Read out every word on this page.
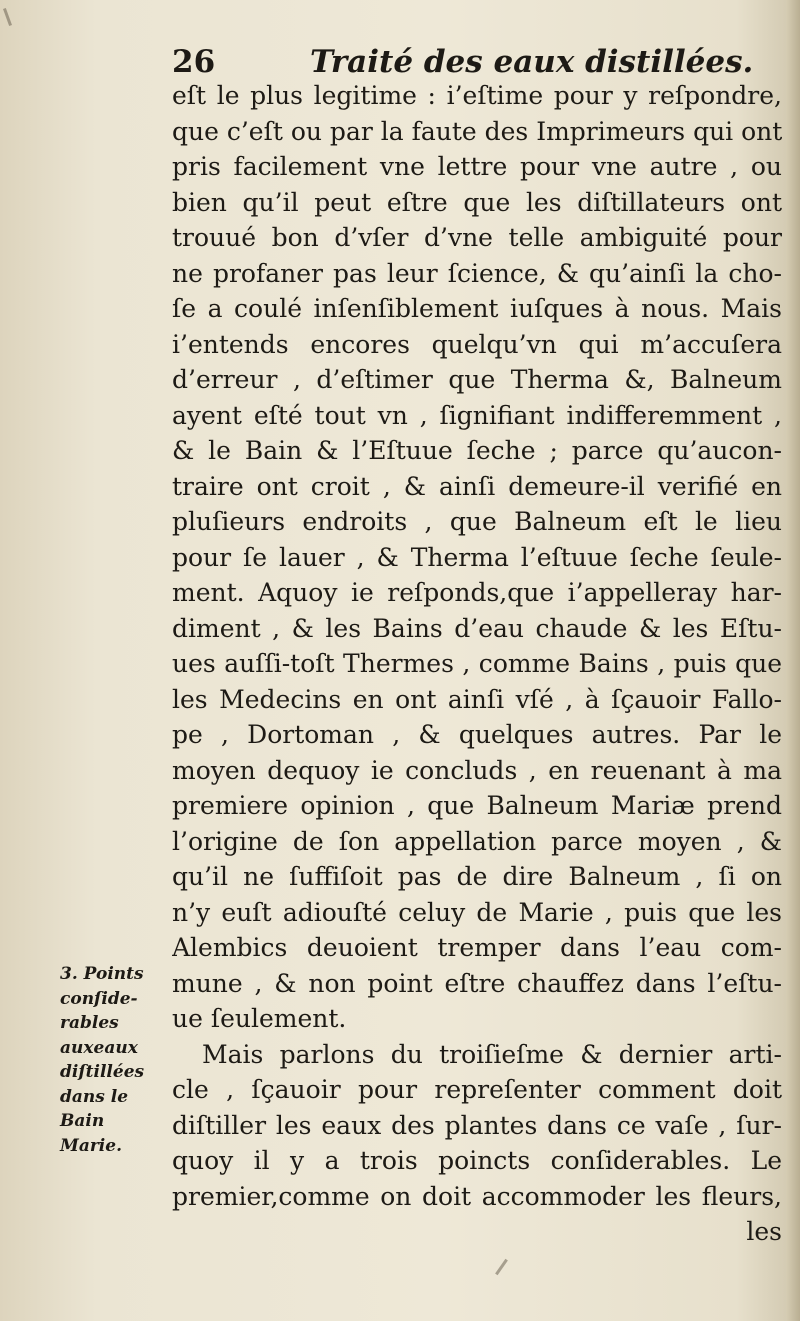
26	Traité des eaux distillées.
eſt le plus legitime : i’eſtime pour y reſpondre,
que c’eſt ou par la faute des Imprimeurs qui ont
pris facilement vne lettre pour vne autre , ou
bien qu’il peut eſtre que les diſtillateurs ont
trouué bon d’vſer d’vne telle ambiguité pour
ne profaner pas leur ſcience, & qu’ainſi la cho-
ſe a coulé inſenſiblement iuſques à nous. Mais
i’entends encores quelqu’vn qui m’accuſera
d’erreur , d’eſtimer que Therma &, Balneum
ayent eſté tout vn , ſignifiant indifferemment ,
& le Bain & l’Eſtuue ſeche ; parce qu’aucon-
traire ont croit , & ainſi demeure-il verifié en
pluſieurs endroits , que Balneum eſt le lieu
pour ſe lauer , & Therma l’eſtuue ſeche ſeule-
ment. Aquoy ie reſponds,que i’appelleray har-
diment , & les Bains d’eau chaude & les Eſtu-
ues auſſi-toſt Thermes , comme Bains , puis que
les Medecins en ont ainſi vſé , à ſçauoir Fallo-
pe , Dortoman , & quelques autres. Par le
moyen dequoy ie concluds , en reuenant à ma
premiere opinion , que Balneum Mariæ prend
l’origine de ſon appellation parce moyen , &
qu’il ne ſuffiſoit pas de dire Balneum , ſi on
n’y euſt adiouſté celuy de Marie , puis que les
Alembics deuoient tremper dans l’eau com-
mune , & non point eſtre chauffez dans l’eſtu-
ue ſeulement.
Mais parlons du troiſieſme & dernier arti-
cle , ſçauoir pour repreſenter comment doit
diſtiller les eaux des plantes dans ce vaſe , ſur-
quoy il y a trois poincts conſiderables. Le
premier,comme on doit accommoder les fleurs,
les
3. Points
conſide-
rables
auxeaux
diſtillées
dans le
Bain
Marie.
